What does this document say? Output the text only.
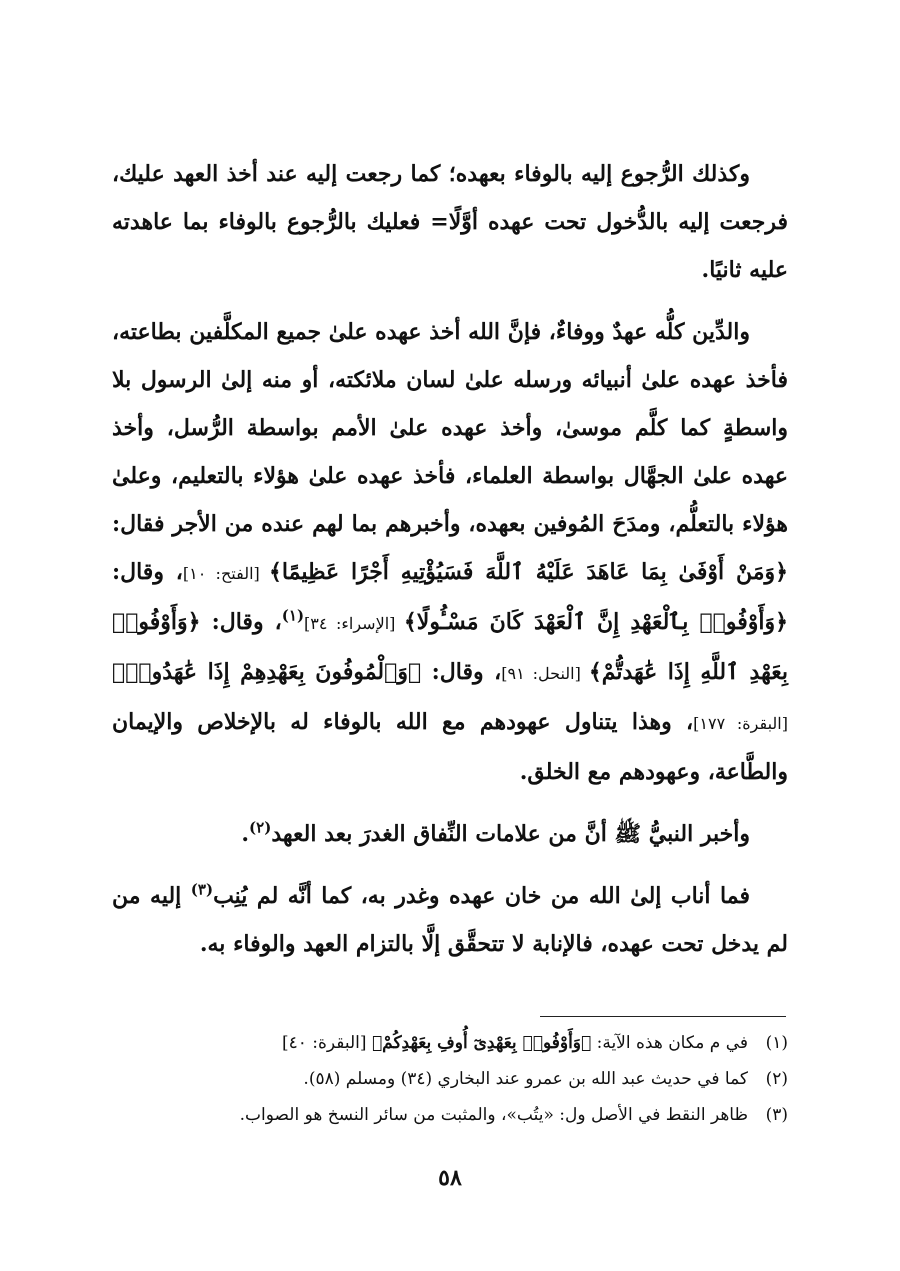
وكذلك الرُّجوع إليه بالوفاء بعهده؛ كما رجعت إليه عند أخذ العهد عليك، فرجعت إليه بالدُّخول تحت عهده أوَّلًا= فعليك بالرُّجوع بالوفاء بما عاهدته عليه ثانيًا.

والدِّين كلُّه عهدٌ ووفاءٌ، فإنَّ الله أخذ عهده علىٰ جميع المكلَّفين بطاعته، فأخذ عهده علىٰ أنبيائه ورسله علىٰ لسان ملائكته، أو منه إلىٰ الرسول بلا واسطةٍ كما كلَّم موسىٰ، وأخذ عهده علىٰ الأمم بواسطة الرُّسل، وأخذ عهده علىٰ الجهَّال بواسطة العلماء، فأخذ عهده علىٰ هؤلاء بالتعليم، وعلىٰ هؤلاء بالتعلُّم، ومدَحَ المُوفين بعهده، وأخبرهم بما لهم عنده من الأجر فقال: ﴿وَمَنْ أَوْفَىٰ بِمَا عَاهَدَ عَلَيْهُ ٱللَّهَ فَسَيُؤْتِيهِ أَجْرًا عَظِيمًا﴾ [الفتح: ١٠]، وقال: ﴿وَأَوْفُوا۟ بِٱلْعَهْدِ إِنَّ ٱلْعَهْدَ كَانَ مَسْـُٔولًا﴾ [الإسراء: ٣٤]$^{(١)}$، وقال: ﴿وَأَوْفُوا۟ بِعَهْدِ ٱللَّهِ إِذَا عَٰهَدتُّمْ﴾ [النحل: ٩١]، وقال: ﴿وَٱلْمُوفُونَ بِعَهْدِهِمْ إِذَا عَٰهَدُوا۟﴾ [البقرة: ١٧٧]، وهذا يتناول عهودهم مع الله بالوفاء له بالإخلاص والإيمان والطَّاعة، وعهودهم مع الخلق.

وأخبر النبيُّ ﷺ أنَّ من علامات النِّفاق الغدرَ بعد العهد$^{(٢)}$.

فما أناب إلىٰ الله من خان عهده وغدر به، كما أنَّه لم يُنِب$^{(٣)}$ إليه من لم يدخل تحت عهده، فالإنابة لا تتحقَّق إلَّا بالتزام العهد والوفاء به.

(١)في م مكان هذه الآية: ﴿وَأَوْفُوا۟ بِعَهْدِىٓ أُوفِ بِعَهْدِكُمْ﴾ [البقرة: ٤٠]

(٢)كما في حديث عبد الله بن عمرو عند البخاري (٣٤) ومسلم (٥٨).

(٣)ظاهر النقط في الأصل ول: «يتُب»، والمثبت من سائر النسخ هو الصواب.

٥٨
